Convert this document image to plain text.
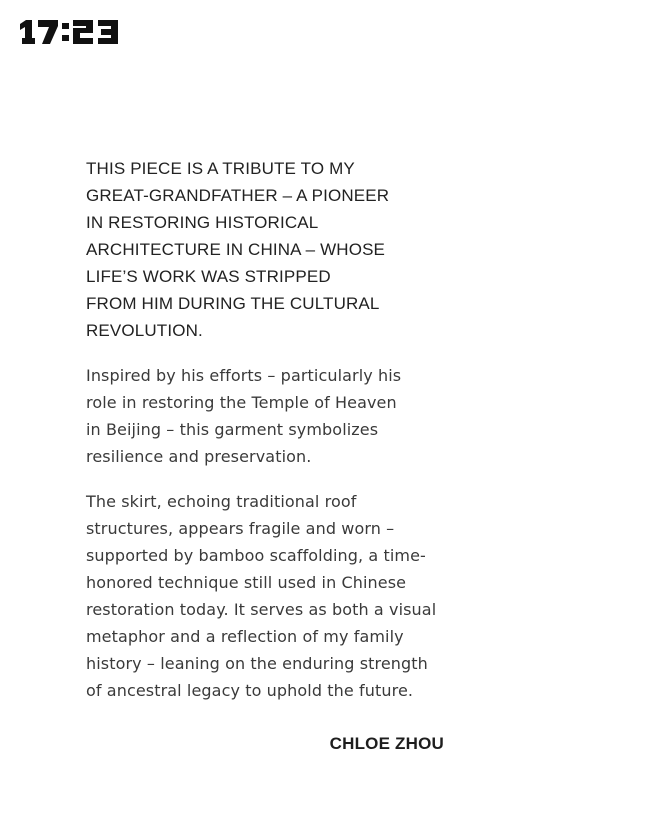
THIS PIECE IS A TRIBUTE TO MY
GREAT-GRANDFATHER – A PIONEER
IN RESTORING HISTORICAL
ARCHITECTURE IN CHINA – WHOSE
LIFE’S WORK WAS STRIPPED
FROM HIM DURING THE CULTURAL
REVOLUTION.

Inspired by his efforts – particularly his
role in restoring the Temple of Heaven
in Beijing – this garment symbolizes
resilience and preservation.

The skirt, echoing traditional roof
structures, appears fragile and worn –
supported by bamboo scaffolding, a time-
honored technique still used in Chinese
restoration today. It serves as both a visual
metaphor and a reflection of my family
history – leaning on the enduring strength
of ancestral legacy to uphold the future.

CHLOE ZHOU
